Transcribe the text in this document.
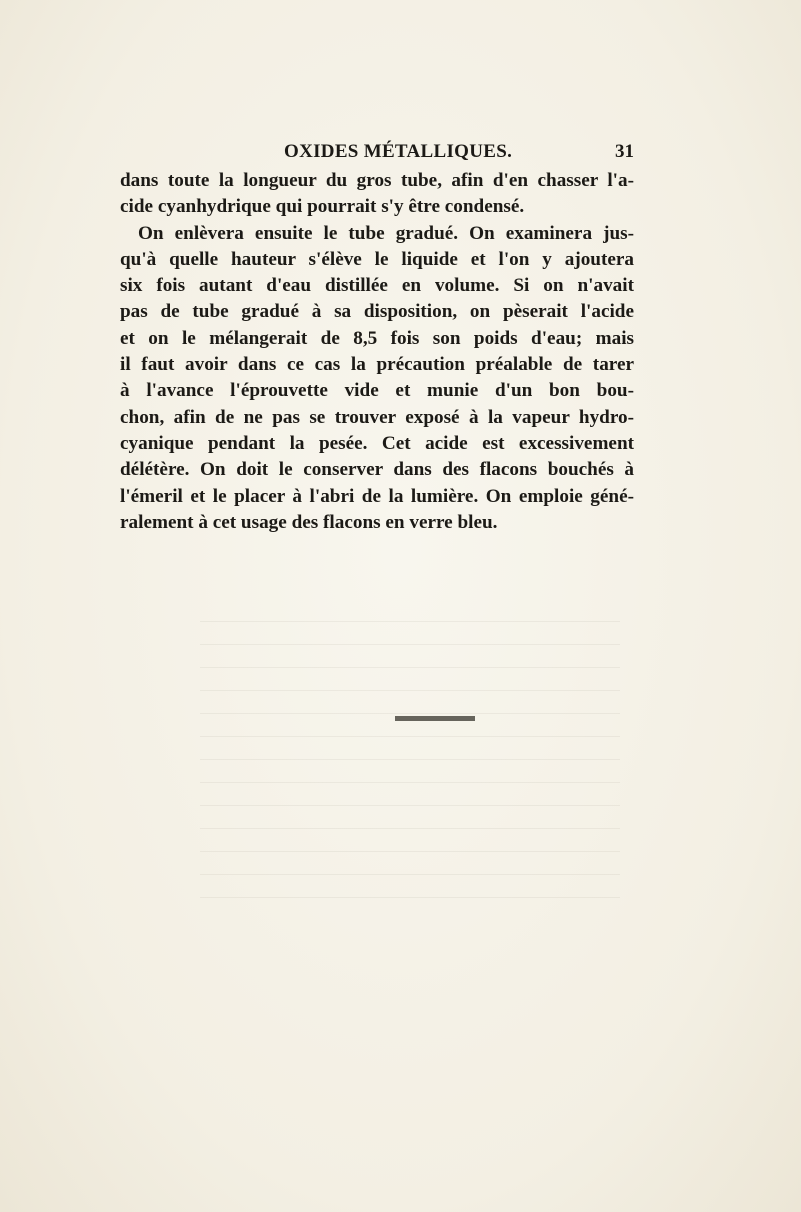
OXIDES MÉTALLIQUES.	31
dans toute la longueur du gros tube, afin d'en chasser l'a-
cide cyanhydrique qui pourrait s'y être condensé.
On enlèvera ensuite le tube gradué. On examinera jus-
qu'à quelle hauteur s'élève le liquide et l'on y ajoutera
six fois autant d'eau distillée en volume. Si on n'avait
pas de tube gradué à sa disposition, on pèserait l'acide
et on le mélangerait de 8,5 fois son poids d'eau; mais
il faut avoir dans ce cas la précaution préalable de tarer
à l'avance l'éprouvette vide et munie d'un bon bou-
chon, afin de ne pas se trouver exposé à la vapeur hydro-
cyanique pendant la pesée. Cet acide est excessivement
délétère. On doit le conserver dans des flacons bouchés à
l'émeril et le placer à l'abri de la lumière. On emploie géné-
ralement à cet usage des flacons en verre bleu.
